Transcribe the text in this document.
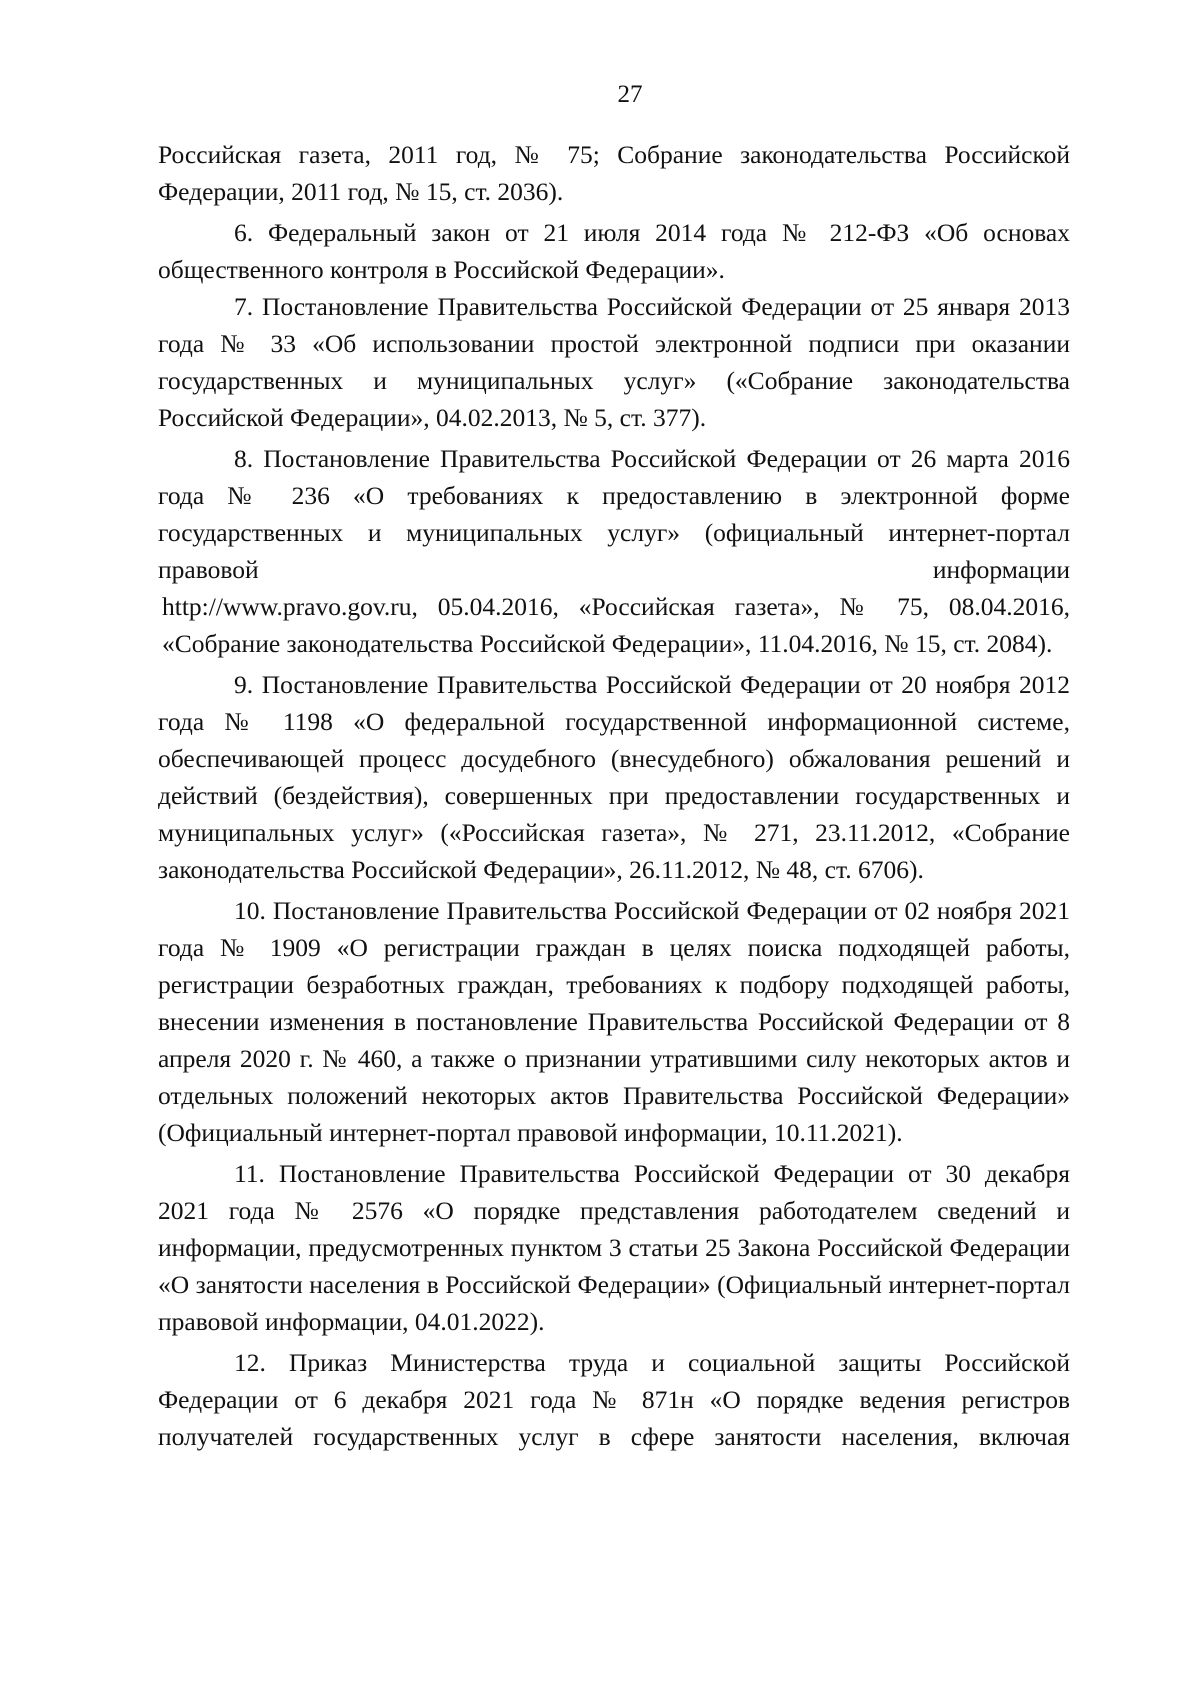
27

Российская газета, 2011 год, № 75; Собрание законодательства Российской Федерации, 2011 год, № 15, ст. 2036).

6. Федеральный закон от 21 июля 2014 года № 212-ФЗ «Об основах общественного контроля в Российской Федерации».

7. Постановление Правительства Российской Федерации от 25 января 2013 года № 33 «Об использовании простой электронной подписи при оказании государственных и муниципальных услуг» («Собрание законодательства Российской Федерации», 04.02.2013, № 5, ст. 377).

8. Постановление Правительства Российской Федерации от 26 марта 2016 года № 236 «О требованиях к предоставлению в электронной форме государственных и муниципальных услуг» (официальный интернет-портал правовой информации

http://www.pravo.gov.ru, 05.04.2016, «Российская газета», № 75, 08.04.2016, «Собрание законодательства Российской Федерации», 11.04.2016, № 15, ст. 2084).

9. Постановление Правительства Российской Федерации от 20 ноября 2012 года № 1198 «О федеральной государственной информационной системе, обеспечивающей процесс досудебного (внесудебного) обжалования решений и действий (бездействия), совершенных при предоставлении государственных и муниципальных услуг» («Российская газета», № 271, 23.11.2012, «Собрание законодательства Российской Федерации», 26.11.2012, № 48, ст. 6706).

10. Постановление Правительства Российской Федерации от 02 ноября 2021 года № 1909 «О регистрации граждан в целях поиска подходящей работы, регистрации безработных граждан, требованиях к подбору подходящей работы, внесении изменения в постановление Правительства Российской Федерации от 8 апреля 2020 г. № 460, а также о признании утратившими силу некоторых актов и отдельных положений некоторых актов Правительства Российской Федерации» (Официальный интернет-портал правовой информации, 10.11.2021).

11. Постановление Правительства Российской Федерации от 30 декабря 2021 года № 2576 «О порядке представления работодателем сведений и информации, предусмотренных пунктом 3 статьи 25 Закона Российской Федерации «О занятости населения в Российской Федерации» (Официальный интернет-портал правовой информации, 04.01.2022).

12. Приказ Министерства труда и социальной защиты Российской Федерации от 6 декабря 2021 года № 871н «О порядке ведения регистров получателей государственных услуг в сфере занятости населения, включая
